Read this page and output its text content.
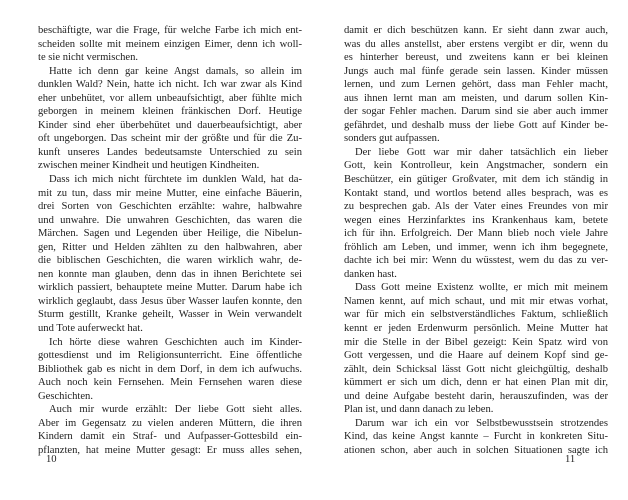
beschäftigte, war die Frage, für welche Farbe ich mich ent-
scheiden sollte mit meinem einzigen Eimer, denn ich woll-
te sie nicht vermischen.
Hatte ich denn gar keine Angst damals, so allein im
dunklen Wald? Nein, hatte ich nicht. Ich war zwar als Kind
eher unbehütet, vor allem unbeaufsichtigt, aber fühlte mich
geborgen in meinem kleinen fränkischen Dorf. Heutige
Kinder sind eher überbehütet und dauerbeaufsichtigt, aber
oft ungeborgen. Das scheint mir der größte und für die Zu-
kunft unseres Landes bedeutsamste Unterschied zu sein
zwischen meiner Kindheit und heutigen Kindheiten.
Dass ich mich nicht fürchtete im dunklen Wald, hat da-
mit zu tun, dass mir meine Mutter, eine einfache Bäuerin,
drei Sorten von Geschichten erzählte: wahre, halbwahre
und unwahre. Die unwahren Geschichten, das waren die
Märchen. Sagen und Legenden über Heilige, die Nibelun-
gen, Ritter und Helden zählten zu den halbwahren, aber
die biblischen Geschichten, die waren wirklich wahr, de-
nen konnte man glauben, denn das in ihnen Berichtete sei
wirklich passiert, behauptete meine Mutter. Darum habe ich
wirklich geglaubt, dass Jesus über Wasser laufen konnte, den
Sturm gestillt, Kranke geheilt, Wasser in Wein verwandelt
und Tote auferweckt hat.
Ich hörte diese wahren Geschichten auch im Kinder-
gottesdienst und im Religionsunterricht. Eine öffentliche
Bibliothek gab es nicht in dem Dorf, in dem ich aufwuchs.
Auch noch kein Fernsehen. Mein Fernsehen waren diese
Geschichten.
Auch mir wurde erzählt: Der liebe Gott sieht alles.
Aber im Gegensatz zu vielen anderen Müttern, die ihren
Kindern damit ein Straf- und Aufpasser-Gottesbild ein-
pflanzten, hat meine Mutter gesagt: Er muss alles sehen,
damit er dich beschützen kann. Er sieht dann zwar auch,
was du alles anstellst, aber erstens vergibt er dir, wenn du
es hinterher bereust, und zweitens kann er bei kleinen
Jungs auch mal fünfe gerade sein lassen. Kinder müssen
lernen, und zum Lernen gehört, dass man Fehler macht,
aus ihnen lernt man am meisten, und darum sollen Kin-
der sogar Fehler machen. Darum sind sie aber auch immer
gefährdet, und deshalb muss der liebe Gott auf Kinder be-
sonders gut aufpassen.
Der liebe Gott war mir daher tatsächlich ein lieber
Gott, kein Kontrolleur, kein Angstmacher, sondern ein
Beschützer, ein gütiger Großvater, mit dem ich ständig in
Kontakt stand, und wortlos betend alles besprach, was es
zu besprechen gab. Als der Vater eines Freundes von mir
wegen eines Herzinfarktes ins Krankenhaus kam, betete
ich für ihn. Erfolgreich. Der Mann blieb noch viele Jahre
fröhlich am Leben, und immer, wenn ich ihm begegnete,
dachte ich bei mir: Wenn du wüsstest, wem du das zu ver-
danken hast.
Dass Gott meine Existenz wollte, er mich mit meinem
Namen kennt, auf mich schaut, und mit mir etwas vorhat,
war für mich ein selbstverständliches Faktum, schließlich
kennt er jeden Erdenwurm persönlich. Meine Mutter hat
mir die Stelle in der Bibel gezeigt: Kein Spatz wird von
Gott vergessen, und die Haare auf deinem Kopf sind ge-
zählt, dein Schicksal lässt Gott nicht gleichgültig, deshalb
kümmert er sich um dich, denn er hat einen Plan mit dir,
und deine Aufgabe besteht darin, herauszufinden, was der
Plan ist, und dann danach zu leben.
Darum war ich ein vor Selbstbewusstsein strotzendes
Kind, das keine Angst kannte – Furcht in konkreten Situ-
ationen schon, aber auch in solchen Situationen sagte ich
10	11
